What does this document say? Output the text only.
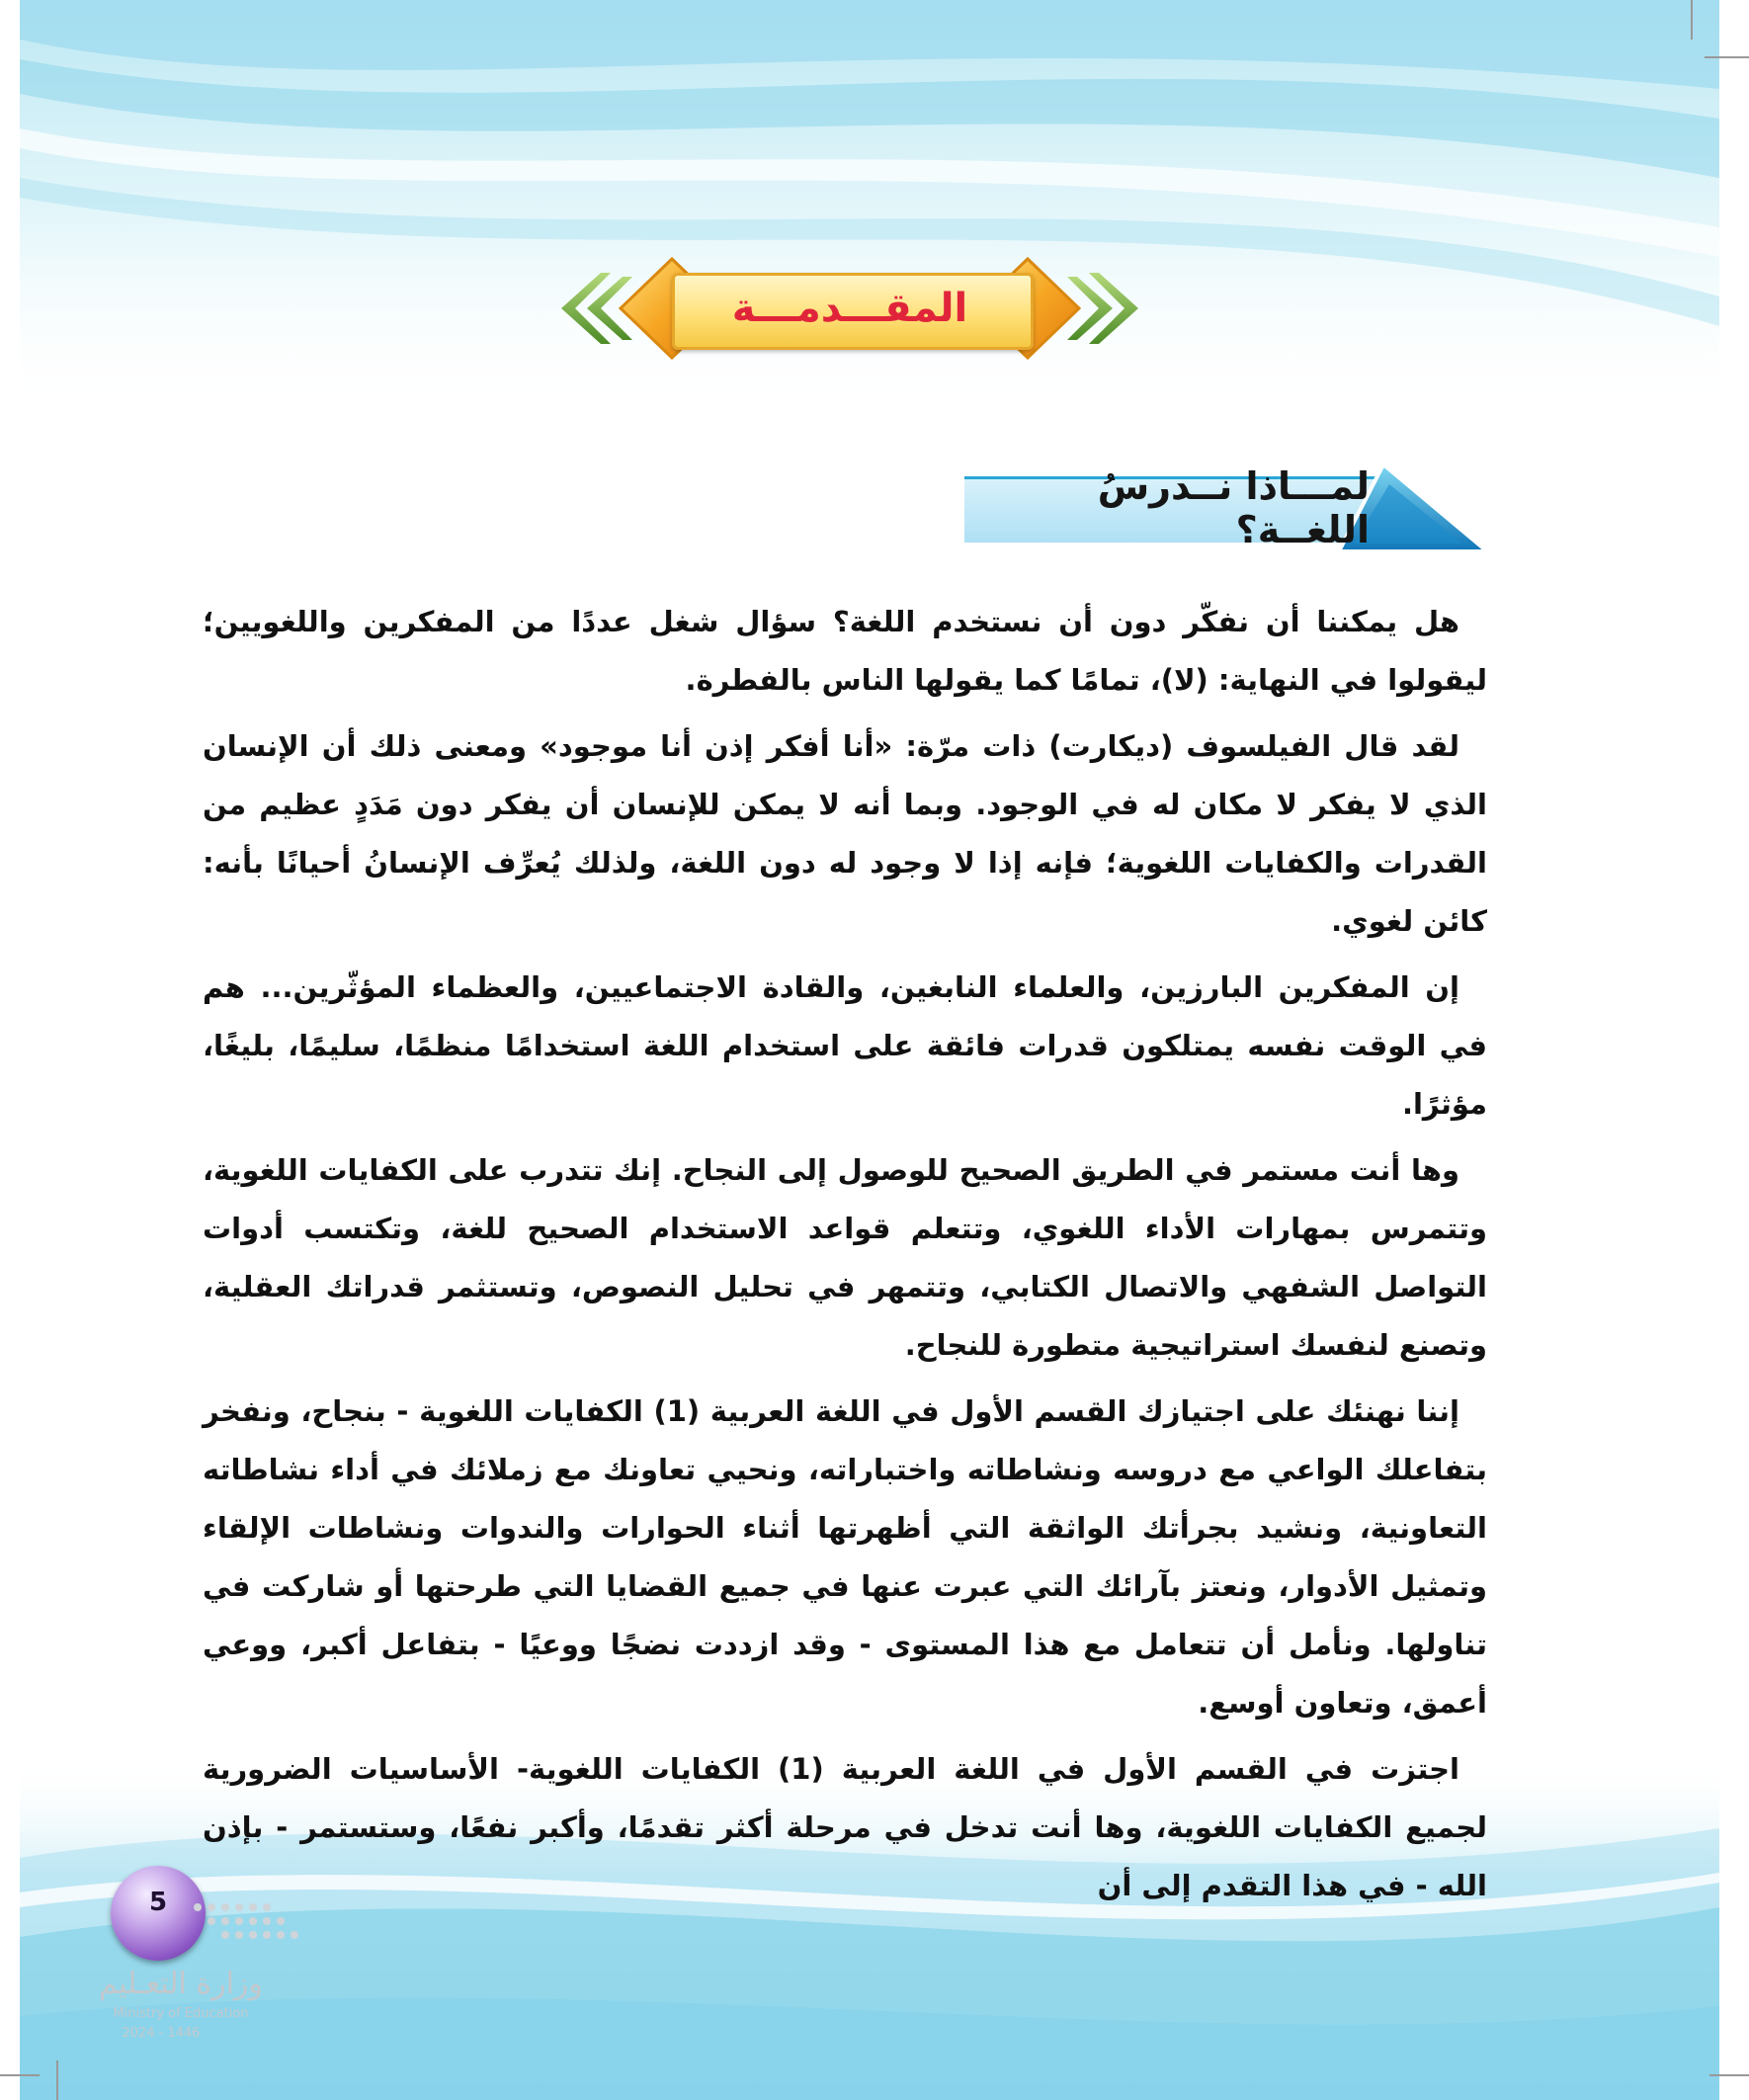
المقـــدمـــة
لمـــاذا نــدرسُ اللغــة؟

هل يمكننا أن نفكّر دون أن نستخدم اللغة؟ سؤال شغل عددًا من المفكرين واللغويين؛ ليقولوا في النهاية: (لا)، تمامًا كما يقولها الناس بالفطرة.

لقد قال الفيلسوف (ديكارت) ذات مرّة: «أنا أفكر إذن أنا موجود» ومعنى ذلك أن الإنسان الذي لا يفكر لا مكان له في الوجود. وبما أنه لا يمكن للإنسان أن يفكر دون مَدَدٍ عظيم من القدرات والكفايات اللغوية؛ فإنه إذا لا وجود له دون اللغة، ولذلك يُعرِّف الإنسانُ أحيانًا بأنه: كائن لغوي.

إن المفكرين البارزين، والعلماء النابغين، والقادة الاجتماعيين، والعظماء المؤثّرين... هم في الوقت نفسه يمتلكون قدرات فائقة على استخدام اللغة استخدامًا منظمًا، سليمًا، بليغًا، مؤثرًا.

وها أنت مستمر في الطريق الصحيح للوصول إلى النجاح. إنك تتدرب على الكفايات اللغوية، وتتمرس بمهارات الأداء اللغوي، وتتعلم قواعد الاستخدام الصحيح للغة، وتكتسب أدوات التواصل الشفهي والاتصال الكتابي، وتتمهر في تحليل النصوص، وتستثمر قدراتك العقلية، وتصنع لنفسك استراتيجية متطورة للنجاح.

إننا نهنئك على اجتيازك القسم الأول في اللغة العربية (1) الكفايات اللغوية - بنجاح، ونفخر بتفاعلك الواعي مع دروسه ونشاطاته واختباراته، ونحيي تعاونك مع زملائك في أداء نشاطاته التعاونية، ونشيد بجرأتك الواثقة التي أظهرتها أثناء الحوارات والندوات ونشاطات الإلقاء وتمثيل الأدوار، ونعتز بآرائك التي عبرت عنها في جميع القضايا التي طرحتها أو شاركت في تناولها. ونأمل أن تتعامل مع هذا المستوى - وقد ازددت نضجًا ووعيًا - بتفاعل أكبر، ووعي أعمق، وتعاون أوسع.

اجتزت في القسم الأول في اللغة العربية (1) الكفايات اللغوية- الأساسيات الضرورية لجميع الكفايات اللغوية، وها أنت تدخل في مرحلة أكثر تقدمًا، وأكبر نفعًا، وستستمر - بإذن الله - في هذا التقدم إلى أن

5
وزارة التعـليم
Ministry of Education
2024 - 1446
